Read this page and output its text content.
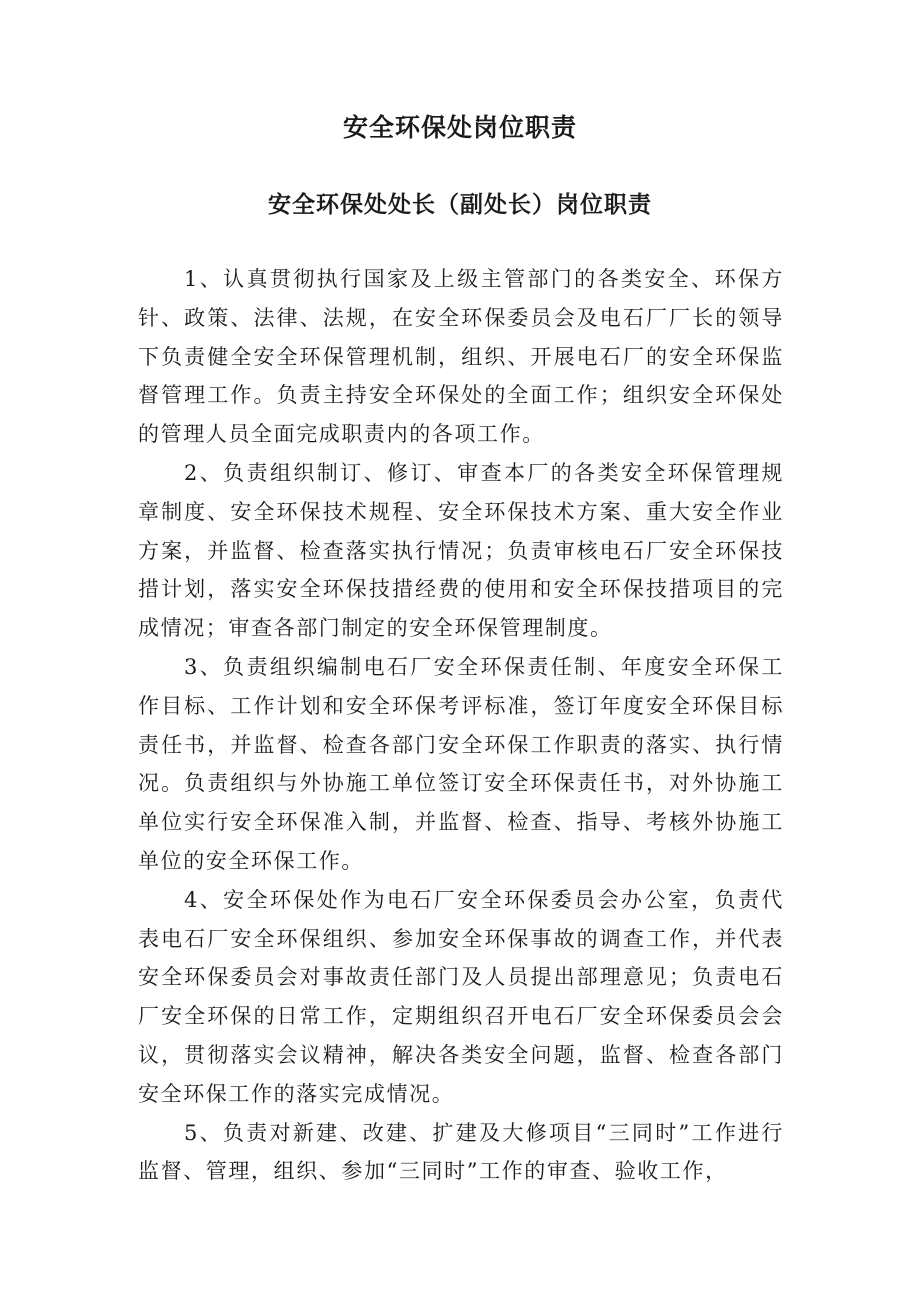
安全环保处岗位职责
安全环保处处长（副处长）岗位职责

1、认真贯彻执行国家及上级主管部门的各类安全、环保方针、政策、法律、法规，在安全环保委员会及电石厂厂长的领导下负责健全安全环保管理机制，组织、开展电石厂的安全环保监督管理工作。负责主持安全环保处的全面工作；组织安全环保处的管理人员全面完成职责内的各项工作。

2、负责组织制订、修订、审查本厂的各类安全环保管理规章制度、安全环保技术规程、安全环保技术方案、重大安全作业方案，并监督、检查落实执行情况；负责审核电石厂安全环保技措计划，落实安全环保技措经费的使用和安全环保技措项目的完成情况；审查各部门制定的安全环保管理制度。

3、负责组织编制电石厂安全环保责任制、年度安全环保工作目标、工作计划和安全环保考评标准，签订年度安全环保目标责任书，并监督、检查各部门安全环保工作职责的落实、执行情况。负责组织与外协施工单位签订安全环保责任书，对外协施工单位实行安全环保准入制，并监督、检查、指导、考核外协施工单位的安全环保工作。

4、安全环保处作为电石厂安全环保委员会办公室，负责代表电石厂安全环保组织、参加安全环保事故的调查工作，并代表安全环保委员会对事故责任部门及人员提出部理意见；负责电石厂安全环保的日常工作，定期组织召开电石厂安全环保委员会会议，贯彻落实会议精神，解决各类安全问题，监督、检查各部门安全环保工作的落实完成情况。

5、负责对新建、改建、扩建及大修项目“三同时”工作进行监督、管理，组织、参加“三同时”工作的审查、验收工作，
